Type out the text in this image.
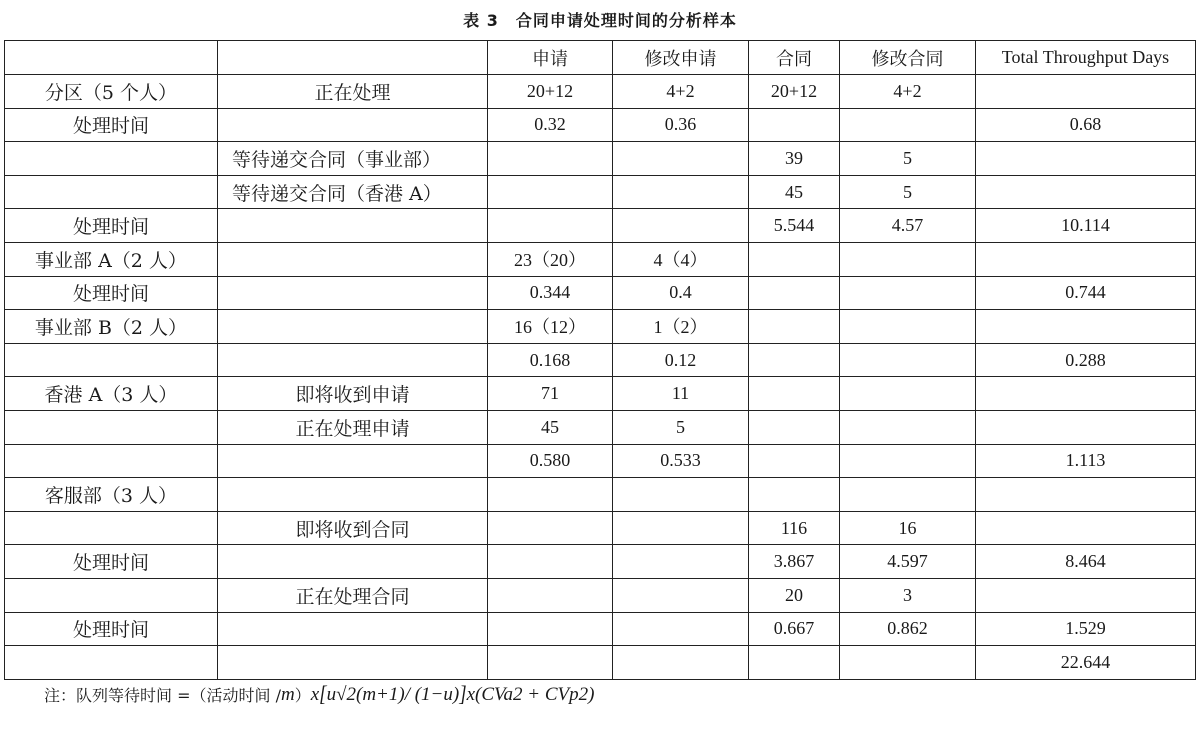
表 3　合同申请处理时间的分析样本
		申请	修改申请	合同	修改合同	Total Throughput Days
分区（5 个人）	正在处理	20+12	4+2	20+12	4+2	
处理时间		0.32	0.36			0.68
	等待递交合同（事业部）			39	5	
	等待递交合同（香港 A）			45	5	
处理时间				5.544	4.57	10.114
事业部 A（2 人）		23（20）	4（4）			
处理时间		0.344	0.4			0.744
事业部 B（2 人）		16（12）	1（2）			
		0.168	0.12			0.288
香港 A（3 人）	即将收到申请	71	11			
	正在处理申请	45	5			
		0.580	0.533			1.113
客服部（3 人）						
	即将收到合同			116	16	
处理时间				3.867	4.597	8.464
	正在处理合同			20	3	
处理时间				0.667	0.862	1.529
						22.644
注：队列等待时间 =（活动时间 / m ） x [ u √2(m+1) / (1−u) ] x(CVa2 + CVp2)
